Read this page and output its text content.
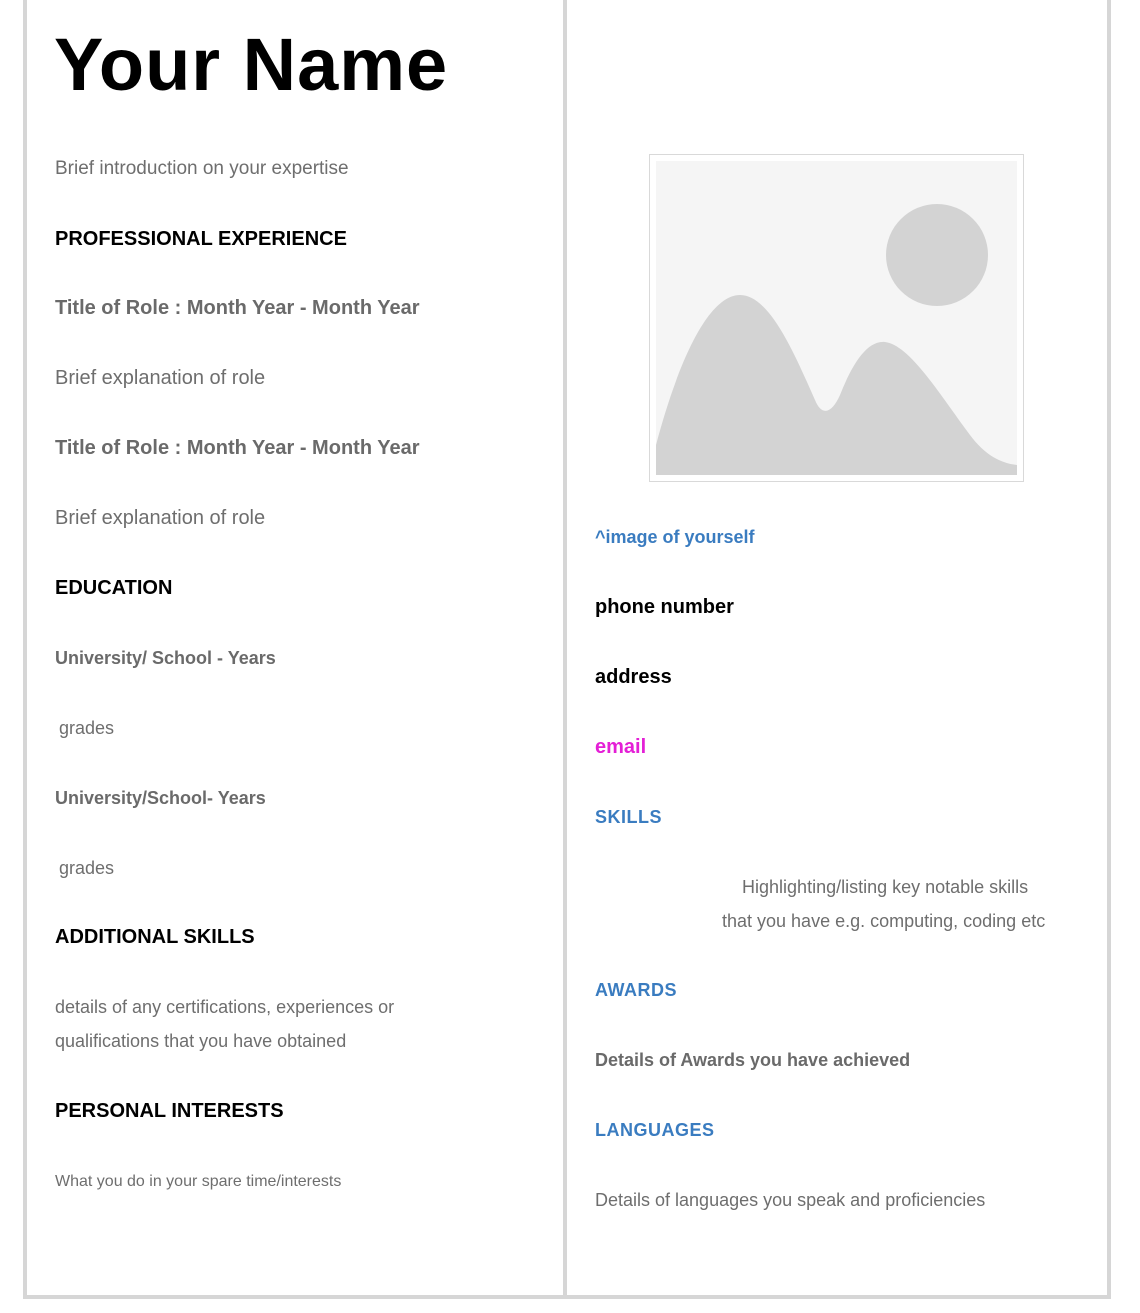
Your Name
Brief introduction on your expertise
PROFESSIONAL EXPERIENCE
Title of Role : Month Year - Month Year
Brief explanation of role
Title of Role : Month Year - Month Year
Brief explanation of role
EDUCATION
University/ School - Years
grades
University/School- Years
grades
ADDITIONAL SKILLS
details of any certifications, experiences or qualifications that you have obtained
PERSONAL INTERESTS
What you do in your spare time/interests
^image of yourself
phone number
address
email
SKILLS
Highlighting/listing key notable skills
that you have e.g. computing, coding etc
AWARDS
Details of Awards you have achieved
LANGUAGES
Details of languages you speak and proficiencies
